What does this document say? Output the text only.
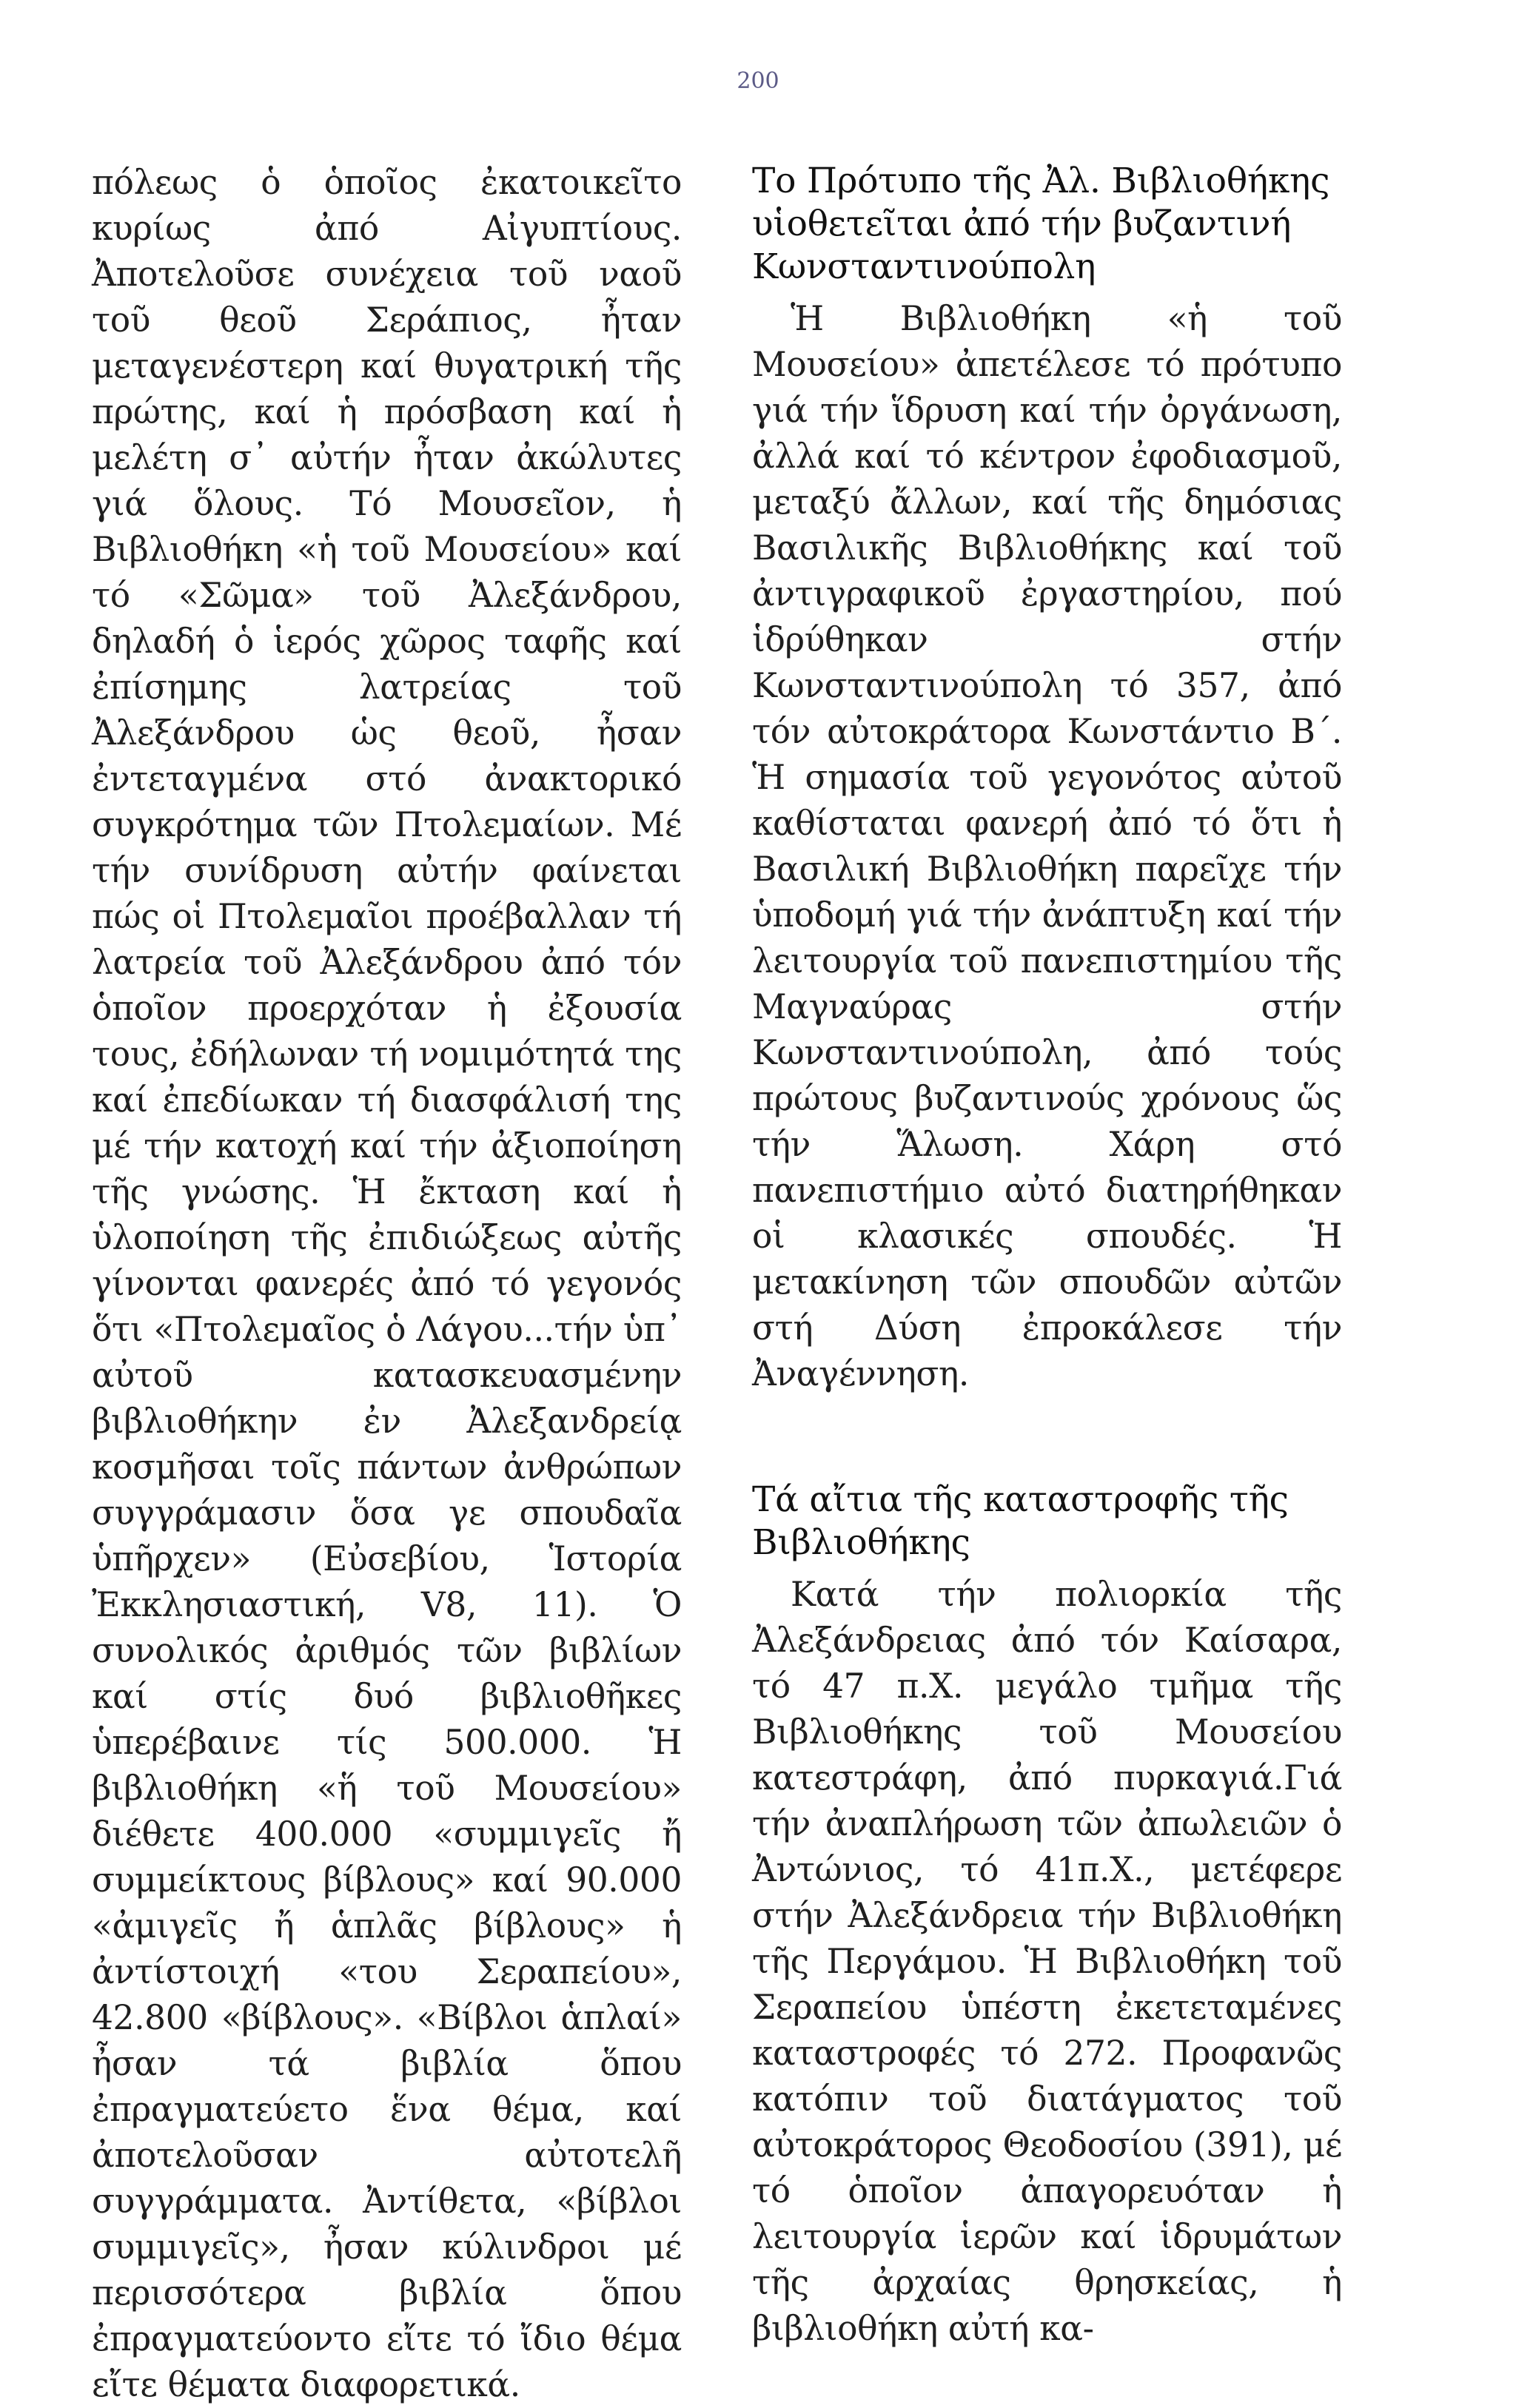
200

πόλεως ὁ ὁποῖος ἐκατοικεῖτο κυρίως ἀπό Αἰγυπτίους. Ἀποτελοῦσε συνέχεια τοῦ ναοῦ τοῦ θεοῦ Σεράπιος, ἦταν μεταγενέστερη καί θυγατρική τῆς πρώτης, καί ἡ πρόσβαση καί ἡ μελέτη σ᾽ αὐτήν ἦταν ἀκώλυτες γιά ὅλους. Τό Μουσεῖον, ἡ Βιβλιοθήκη «ἡ τοῦ Μουσείου» καί τό «Σῶμα» τοῦ Ἀλεξάνδρου, δηλαδή ὁ ἱερός χῶρος ταφῆς καί ἐπίσημης λατρείας τοῦ Ἀλεξάνδρου ὡς θεοῦ, ἦσαν ἐντεταγμένα στό ἀνακτορικό συγκρότημα τῶν Πτολεμαίων. Μέ τήν συνίδρυση αὐτήν φαίνεται πώς οἱ Πτολεμαῖοι προέβαλλαν τή λατρεία τοῦ Ἀλεξάνδρου ἀπό τόν ὁποῖον προερχόταν ἡ ἐξουσία τους, ἐδήλωναν τή νομιμότητά της καί ἐπεδίωκαν τή διασφάλισή της μέ τήν κατοχή καί τήν ἀξιοποίηση τῆς γνώσης. Ἡ ἔκταση καί ἡ ὑλοποίηση τῆς ἐπιδιώξεως αὐτῆς γίνονται φανερές ἀπό τό γεγονός ὅτι «Πτολεμαῖος ὁ Λάγου...τήν ὑπ᾽ αὐτοῦ κατασκευασμένην βιβλιοθήκην ἐν Ἀλεξανδρείᾳ κοσμῆσαι τοῖς πάντων ἀνθρώπων συγγράμασιν ὅσα γε σπουδαῖα ὑπῆρχεν» (Εὐσεβίου, Ἱστορία Ἐκκλησιαστική, V8, 11). Ὁ συνολικός ἀριθμός τῶν βιβλίων καί στίς δυό βιβλιοθῆκες ὑπερέβαινε τίς 500.000. Ἡ βιβλιοθήκη «ἥ τοῦ Μουσείου» διέθετε 400.000 «συμμιγεῖς ἤ συμμείκτους βίβλους» καί 90.000 «ἀμιγεῖς ἤ ἁπλᾶς βίβλους» ἡ ἀντίστοιχή «του Σεραπείου», 42.800 «βίβλους». «Βίβλοι ἁπλαί» ἦσαν τά βιβλία ὅπου ἐπραγματεύετο ἕνα θέμα, καί ἀποτελοῦσαν αὐτοτελῆ συγγράμματα. Ἀντίθετα, «βίβλοι συμμιγεῖς», ἦσαν κύλινδροι μέ περισσότερα βιβλία ὅπου ἐπραγματεύοντο εἴτε τό ἴδιο θέμα εἴτε θέματα διαφορετικά.

Το Πρότυπο τῆς Ἀλ. Βιβλιοθήκης υἱοθετεῖται ἀπό τήν βυζαντινή Κωνσταντινούπολη

Ἡ Βιβλιοθήκη «ἡ τοῦ Μουσείου» ἀπετέλεσε τό πρότυπο γιά τήν ἵδρυση καί τήν ὀργάνωση, ἀλλά καί τό κέντρον ἐφοδιασμοῦ, μεταξύ ἄλλων, καί τῆς δημόσιας Βασιλικῆς Βιβλιοθήκης καί τοῦ ἀντιγραφικοῦ ἐργαστηρίου, πού ἱδρύθηκαν στήν Κωνσταντινούπολη τό 357, ἀπό τόν αὐτοκράτορα Κωνστάντιο Β΄. Ἡ σημασία τοῦ γεγονότος αὐτοῦ καθίσταται φανερή ἀπό τό ὅτι ἡ Βασιλική Βιβλιοθήκη παρεῖχε τήν ὑποδομή γιά τήν ἀνάπτυξη καί τήν λειτουργία τοῦ πανεπιστημίου τῆς Μαγναύρας στήν Κωνσταντινούπολη, ἀπό τούς πρώτους βυζαντινούς χρόνους ὥς τήν Ἅλωση. Χάρη στό πανεπιστήμιο αὐτό διατηρήθηκαν οἱ κλασικές σπουδές. Ἡ μετακίνηση τῶν σπουδῶν αὐτῶν στή Δύση ἐπροκάλεσε τήν Ἀναγέννηση.

Τά αἴτια τῆς καταστροφῆς τῆς Βιβλιοθήκης

Κατά τήν πολιορκία τῆς Ἀλεξάνδρειας ἀπό τόν Καίσαρα, τό 47 π.Χ. μεγάλο τμῆμα τῆς Βιβλιοθήκης τοῦ Μουσείου κατεστράφη, ἀπό πυρκαγιά.Γιά τήν ἀναπλήρωση τῶν ἀπωλειῶν ὁ Ἀντώνιος, τό 41π.Χ., μετέφερε στήν Ἀλεξάνδρεια τήν Βιβλιοθήκη τῆς Περγάμου. Ἡ Βιβλιοθήκη τοῦ Σεραπείου ὑπέστη ἐκετεταμένες καταστροφές τό 272. Προφανῶς κατόπιν τοῦ διατάγματος τοῦ αὐτοκράτορος Θεοδοσίου (391), μέ τό ὁποῖον ἀπαγορευόταν ἡ λειτουργία ἱερῶν καί ἱδρυμάτων τῆς ἀρχαίας θρησκείας, ἡ βιβλιοθήκη αὐτή κα-
